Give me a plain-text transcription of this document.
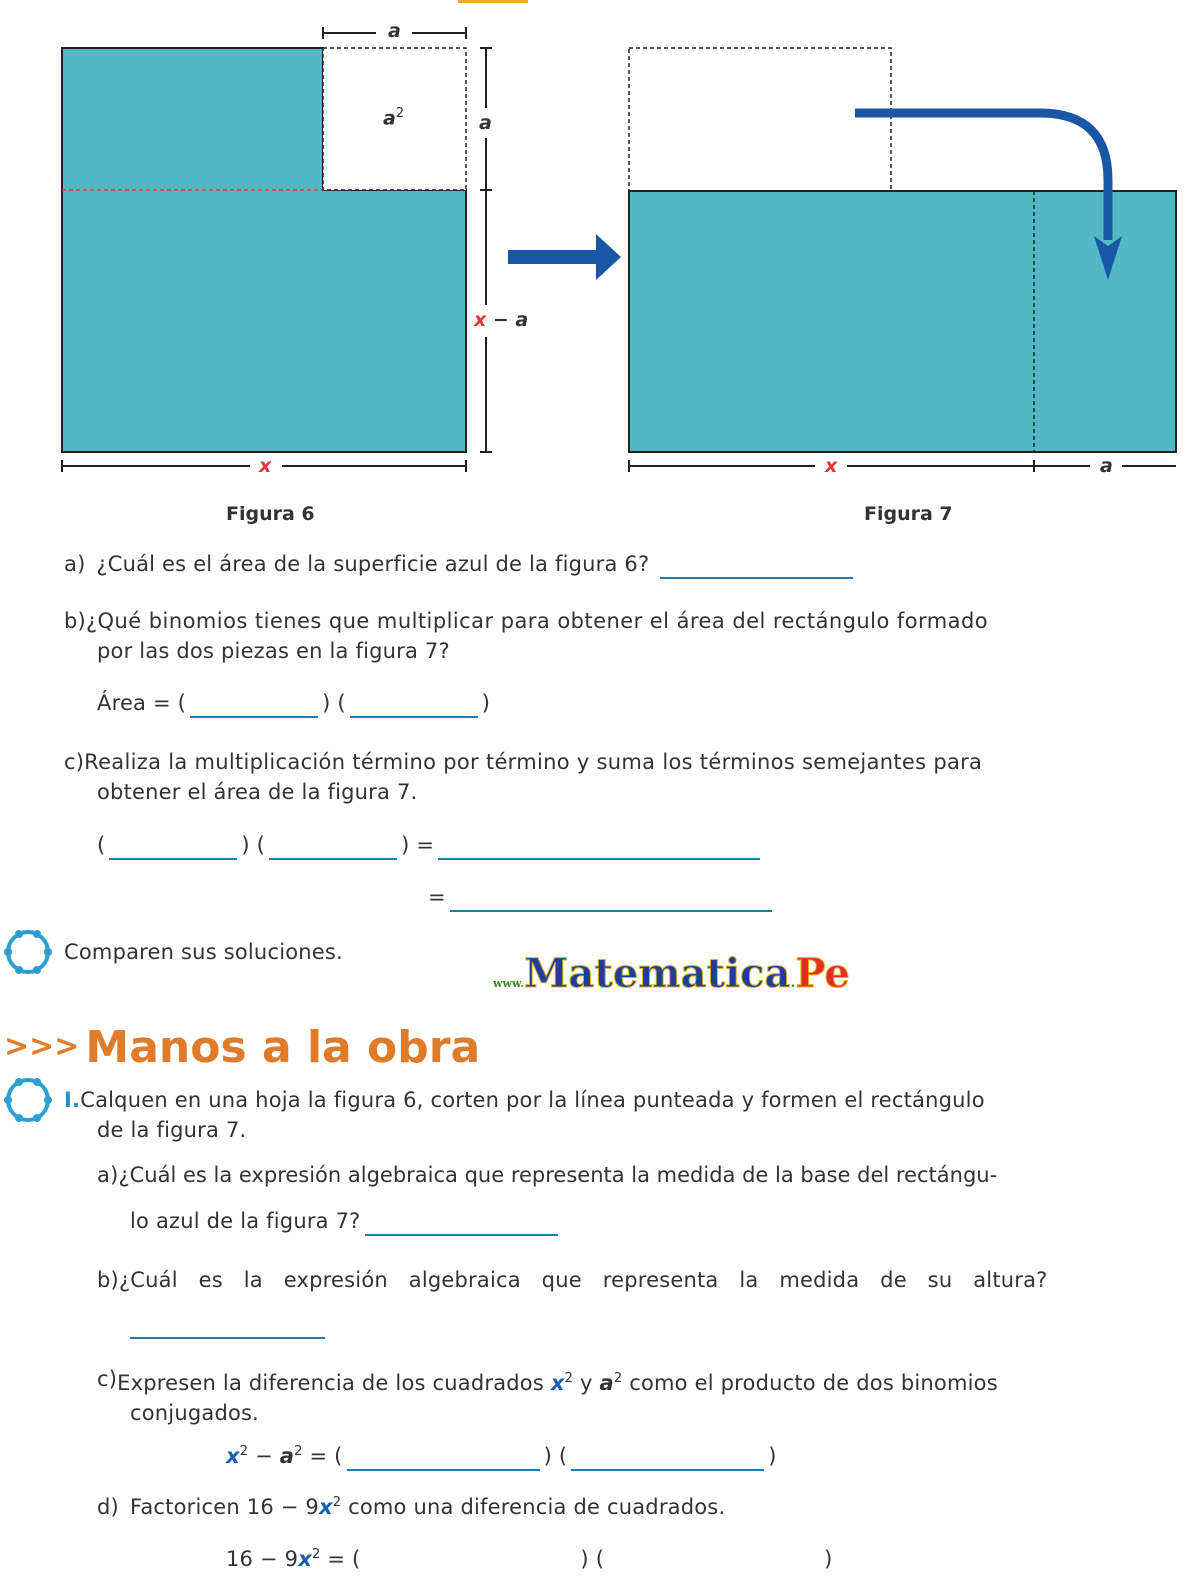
a
$a^2$	a
x − a
x	x	a
Figura 6	Figura 7
a) ¿Cuál es el área de la superficie azul de la figura 6?
b) ¿Qué binomios tienes que multiplicar para obtener el área del rectángulo formado
por las dos piezas en la figura 7?
Área = (	) (	)
c) Realiza la multiplicación término por término y suma los términos semejantes para
obtener el área de la figura 7.
(	) (	) =
=
Comparen sus soluciones.
www.Matematica.Pe
>>> Manos a la obra
I. Calquen en una hoja la figura 6, corten por la línea punteada y formen el rectángulo
de la figura 7.
a) ¿Cuál es la expresión algebraica que representa la medida de la base del rectángu-
lo azul de la figura 7?
b) ¿Cuál es la expresión algebraica que representa la medida de su altura?
c) Expresen la diferencia de los cuadrados $x^2$ y $a^2$ como el producto de dos binomios
conjugados.
$x^2 - a^2$ = (	) (	)
d) Factoricen $16 - 9x^2$ como una diferencia de cuadrados.
$16 - 9x^2$ = (	) (	)
